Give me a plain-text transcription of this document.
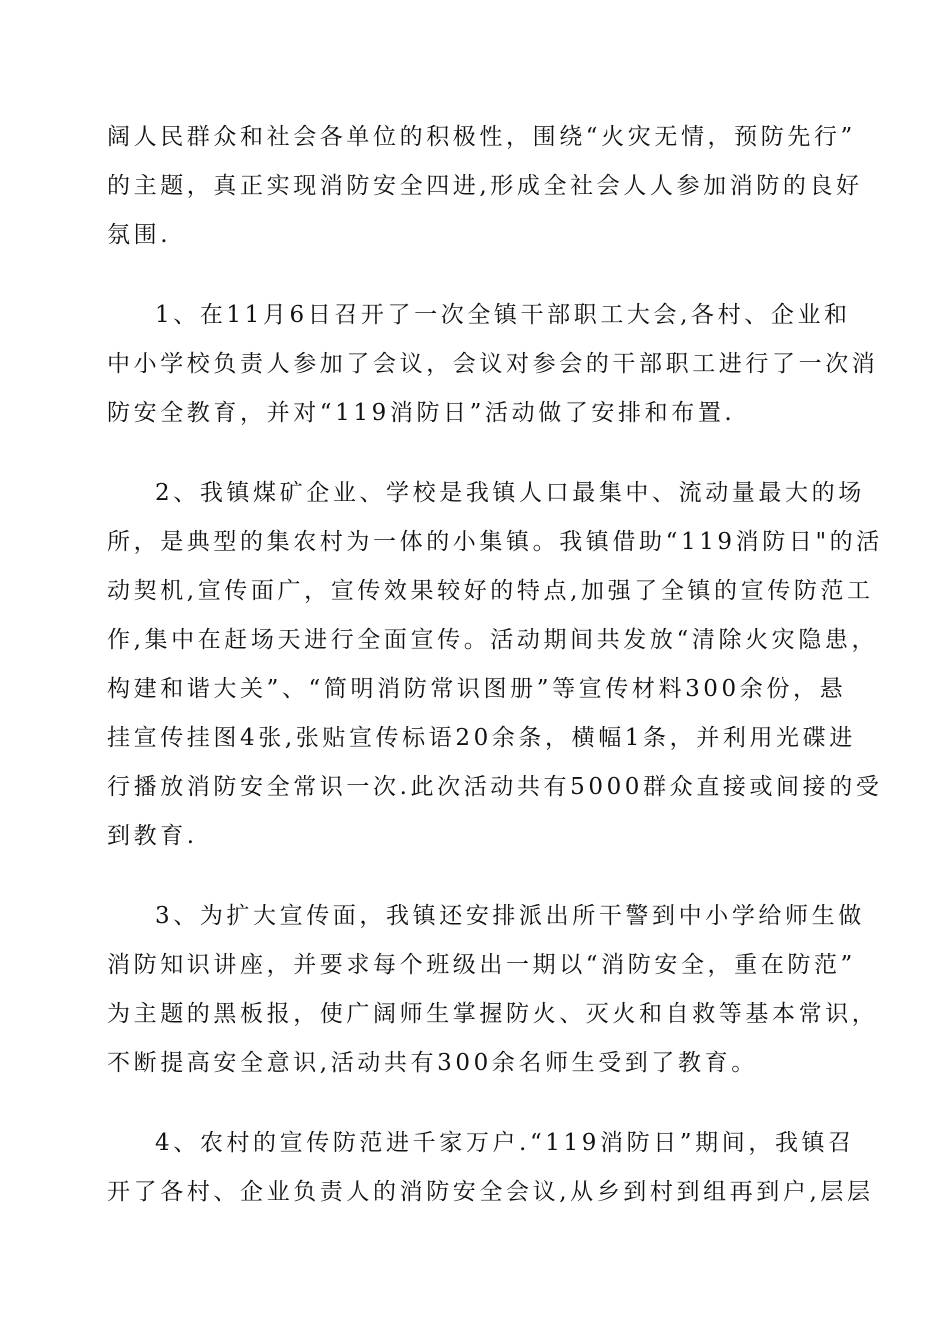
阔人民群众和社会各单位的积极性，围绕“火灾无情，预防先行”
的主题，真正实现消防安全四进,形成全社会人人参加消防的良好
氛围.
1、在11月6日召开了一次全镇干部职工大会,各村、企业和
中小学校负责人参加了会议，会议对参会的干部职工进行了一次消
防安全教育，并对“119消防日”活动做了安排和布置.
2、我镇煤矿企业、学校是我镇人口最集中、流动量最大的场
所，是典型的集农村为一体的小集镇。我镇借助“119消防日"的活
动契机,宣传面广，宣传效果较好的特点,加强了全镇的宣传防范工
作,集中在赶场天进行全面宣传。活动期间共发放“清除火灾隐患，
构建和谐大关”、“简明消防常识图册”等宣传材料300余份，悬
挂宣传挂图4张,张贴宣传标语20余条，横幅1条，并利用光碟进
行播放消防安全常识一次.此次活动共有5000群众直接或间接的受
到教育.
3、为扩大宣传面，我镇还安排派出所干警到中小学给师生做
消防知识讲座，并要求每个班级出一期以“消防安全，重在防范”
为主题的黑板报，使广阔师生掌握防火、灭火和自救等基本常识，
不断提高安全意识,活动共有300余名师生受到了教育。
4、农村的宣传防范进千家万户.“119消防日”期间，我镇召
开了各村、企业负责人的消防安全会议,从乡到村到组再到户,层层
